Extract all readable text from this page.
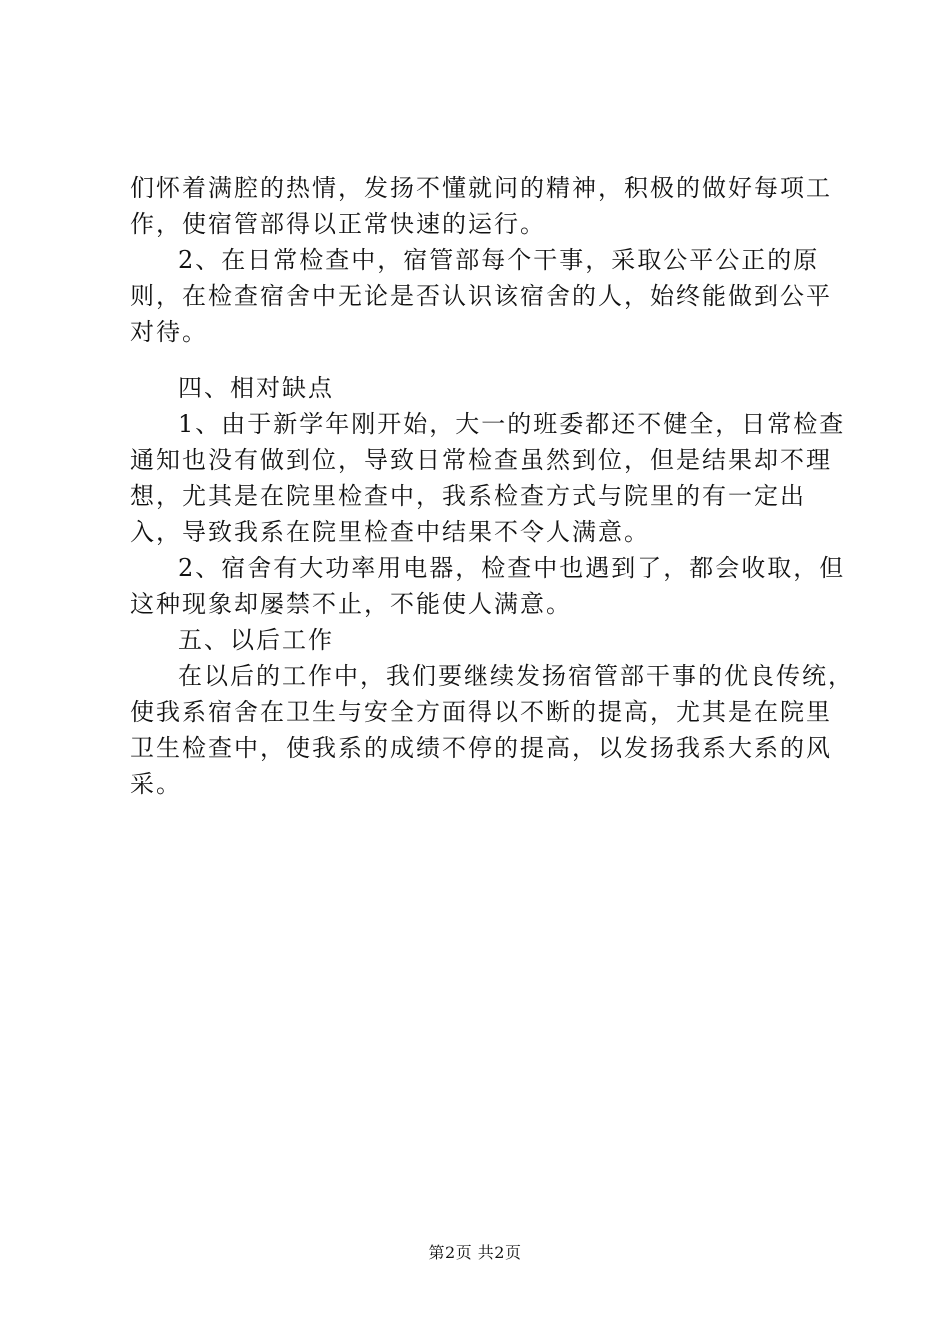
们怀着满腔的热情，发扬不懂就问的精神，积极的做好每项工作，使宿管部得以正常快速的运行。

2、在日常检查中，宿管部每个干事，采取公平公正的原则，在检查宿舍中无论是否认识该宿舍的人，始终能做到公平对待。

四、相对缺点

1、由于新学年刚开始，大一的班委都还不健全，日常检查通知也没有做到位，导致日常检查虽然到位，但是结果却不理想，尤其是在院里检查中，我系检查方式与院里的有一定出入，导致我系在院里检查中结果不令人满意。

2、宿舍有大功率用电器，检查中也遇到了，都会收取，但这种现象却屡禁不止，不能使人满意。

五、以后工作

在以后的工作中，我们要继续发扬宿管部干事的优良传统，使我系宿舍在卫生与安全方面得以不断的提高，尤其是在院里卫生检查中，使我系的成绩不停的提高，以发扬我系大系的风采。

第2页 共2页
